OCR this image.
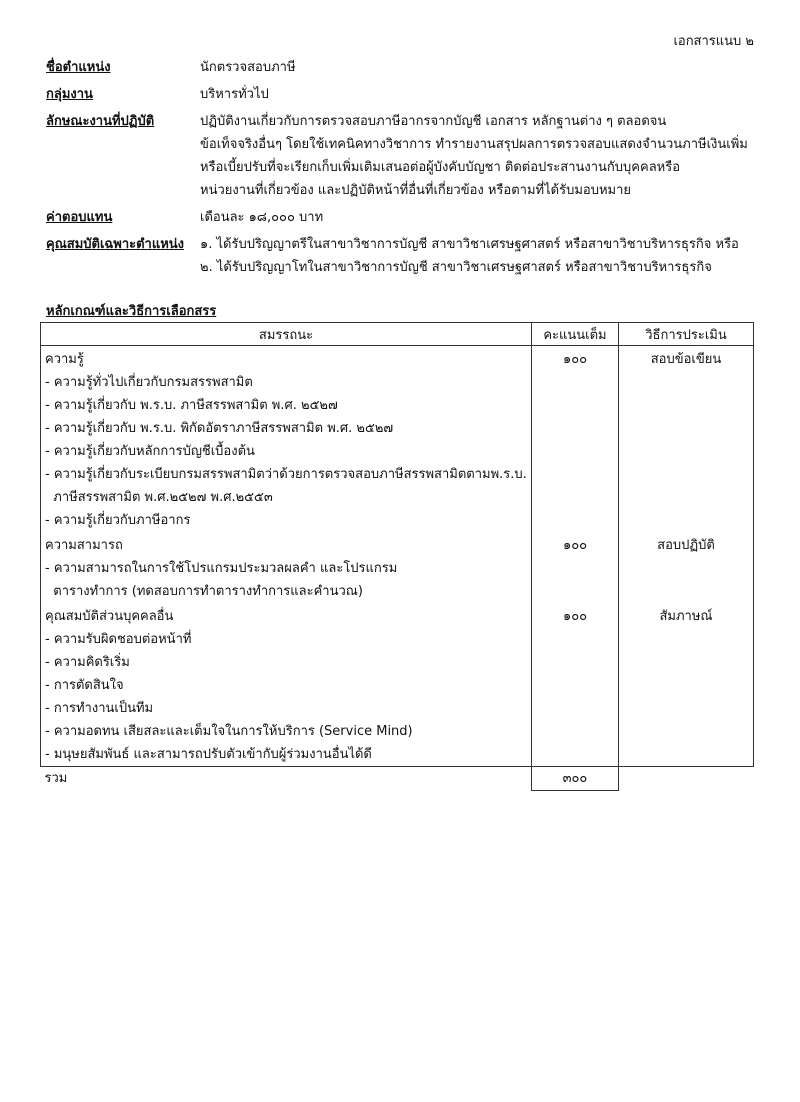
เอกสารแนบ ๒
ชื่อตำแหน่ง	นักตรวจสอบภาษี
กลุ่มงาน	บริหารทั่วไป
ลักษณะงานที่ปฏิบัติ	ปฏิบัติงานเกี่ยวกับการตรวจสอบภาษีอากรจากบัญชี เอกสาร หลักฐานต่าง ๆ ตลอดจน
ข้อเท็จจริงอื่นๆ โดยใช้เทคนิคทางวิชาการ ทำรายงานสรุปผลการตรวจสอบแสดงจำนวนภาษีเงินเพิ่ม
หรือเบี้ยปรับที่จะเรียกเก็บเพิ่มเติมเสนอต่อผู้บังคับบัญชา ติดต่อประสานงานกับบุคคลหรือ
หน่วยงานที่เกี่ยวข้อง และปฏิบัติหน้าที่อื่นที่เกี่ยวข้อง หรือตามที่ได้รับมอบหมาย
ค่าตอบแทน	เดือนละ ๑๘,๐๐๐ บาท
คุณสมบัติเฉพาะตำแหน่ง	๑. ได้รับปริญญาตรีในสาขาวิชาการบัญชี สาขาวิชาเศรษฐศาสตร์ หรือสาขาวิชาบริหารธุรกิจ หรือ
๒. ได้รับปริญญาโทในสาขาวิชาการบัญชี สาขาวิชาเศรษฐศาสตร์ หรือสาขาวิชาบริหารธุรกิจ
หลักเกณฑ์และวิธีการเลือกสรร
สมรรถนะ	คะแนนเต็ม	วิธีการประเมิน
ความรู้	๑๐๐	สอบข้อเขียน
- ความรู้ทั่วไปเกี่ยวกับกรมสรรพสามิต		
- ความรู้เกี่ยวกับ พ.ร.บ. ภาษีสรรพสามิต พ.ศ. ๒๕๒๗		
- ความรู้เกี่ยวกับ พ.ร.บ. พิกัดอัตราภาษีสรรพสามิต พ.ศ. ๒๕๒๗		
- ความรู้เกี่ยวกับหลักการบัญชีเบื้องต้น		
- ความรู้เกี่ยวกับระเบียบกรมสรรพสามิตว่าด้วยการตรวจสอบภาษีสรรพสามิตตามพ.ร.บ.		
ภาษีสรรพสามิต พ.ศ.๒๕๒๗ พ.ศ.๒๕๕๓		
- ความรู้เกี่ยวกับภาษีอากร		
ความสามารถ	๑๐๐	สอบปฏิบัติ
- ความสามารถในการใช้โปรแกรมประมวลผลคำ และโปรแกรม		
ตารางทำการ (ทดสอบการทำตารางทำการและคำนวณ)		
คุณสมบัติส่วนบุคคลอื่น	๑๐๐	สัมภาษณ์
- ความรับผิดชอบต่อหน้าที่		
- ความคิดริเริ่ม		
- การตัดสินใจ		
- การทำงานเป็นทีม		
- ความอดทน เสียสละและเต็มใจในการให้บริการ (Service Mind)		
- มนุษยสัมพันธ์ และสามารถปรับตัวเข้ากับผู้ร่วมงานอื่นได้ดี		
รวม	๓๐๐	
